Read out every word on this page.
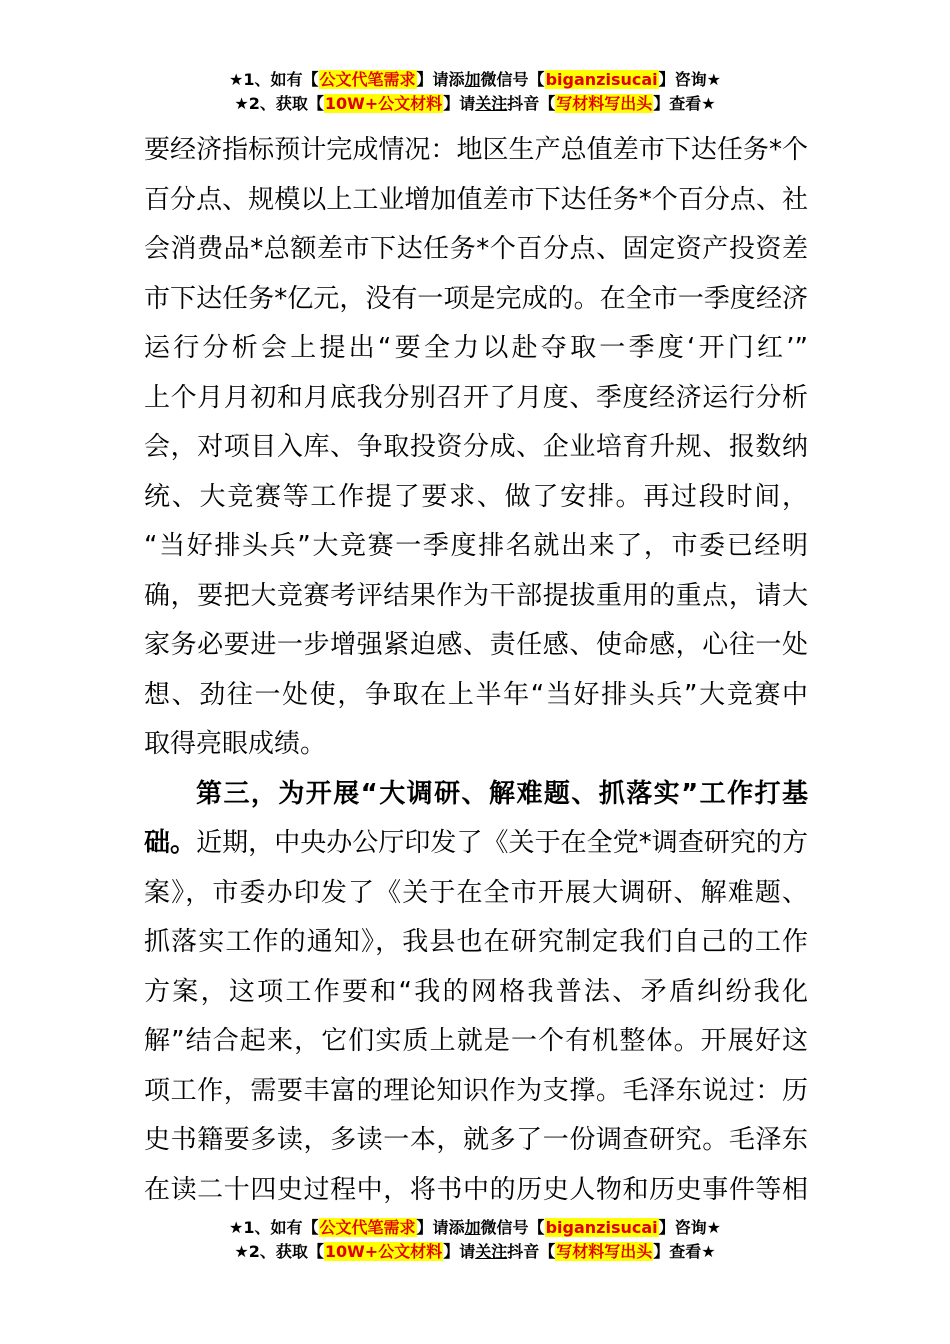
★1、如有【公文代笔需求】请添加微信号【biganzisucai】咨询★
★2、获取【10W+公文材料】请关注抖音【写材料写出头】查看★
要经济指标预计完成情况：地区生产总值差市下达任务*个
百分点、规模以上工业增加值差市下达任务*个百分点、社
会消费品*总额差市下达任务*个百分点、固定资产投资差
市下达任务*亿元，没有一项是完成的。在全市一季度经济
运行分析会上提出“要全力以赴夺取一季度‘开门红’”
上个月月初和月底我分别召开了月度、季度经济运行分析
会，对项目入库、争取投资分成、企业培育升规、报数纳
统、大竞赛等工作提了要求、做了安排。再过段时间，
“当好排头兵”大竞赛一季度排名就出来了，市委已经明
确，要把大竞赛考评结果作为干部提拔重用的重点，请大
家务必要进一步增强紧迫感、责任感、使命感，心往一处
想、劲往一处使，争取在上半年“当好排头兵”大竞赛中
取得亮眼成绩。
第三，为开展“大调研、解难题、抓落实”工作打基
础。近期，中央办公厅印发了《关于在全党*调查研究的方
案》，市委办印发了《关于在全市开展大调研、解难题、
抓落实工作的通知》，我县也在研究制定我们自己的工作
方案，这项工作要和“我的网格我普法、矛盾纠纷我化
解”结合起来，它们实质上就是一个有机整体。开展好这
项工作，需要丰富的理论知识作为支撑。毛泽东说过：历
史书籍要多读，多读一本，就多了一份调查研究。毛泽东
在读二十四史过程中，将书中的历史人物和历史事件等相
★1、如有【公文代笔需求】请添加微信号【biganzisucai】咨询★
★2、获取【10W+公文材料】请关注抖音【写材料写出头】查看★
